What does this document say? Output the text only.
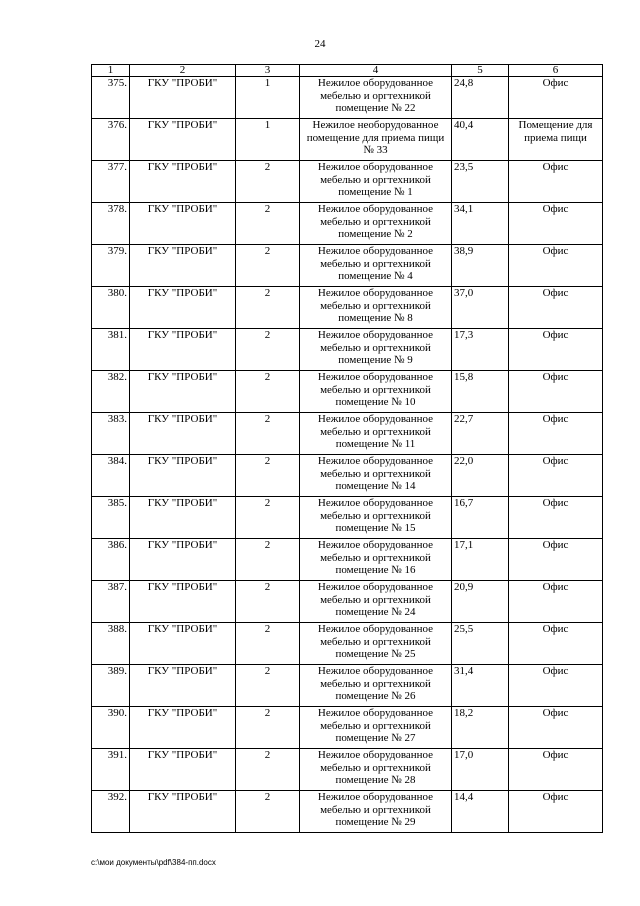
24
1	2	3	4	5	6
375.	ГКУ "ПРОБИ"	1	Нежилое оборудованное мебелью и оргтехникой помещение № 22	24,8	Офис
376.	ГКУ "ПРОБИ"	1	Нежилое необорудованное помещение для приема пищи № 33	40,4	Помещение для приема пищи
377.	ГКУ "ПРОБИ"	2	Нежилое оборудованное мебелью и оргтехникой помещение № 1	23,5	Офис
378.	ГКУ "ПРОБИ"	2	Нежилое оборудованное мебелью и оргтехникой помещение № 2	34,1	Офис
379.	ГКУ "ПРОБИ"	2	Нежилое оборудованное мебелью и оргтехникой помещение № 4	38,9	Офис
380.	ГКУ "ПРОБИ"	2	Нежилое оборудованное мебелью и оргтехникой помещение № 8	37,0	Офис
381.	ГКУ "ПРОБИ"	2	Нежилое оборудованное мебелью и оргтехникой помещение № 9	17,3	Офис
382.	ГКУ "ПРОБИ"	2	Нежилое оборудованное мебелью и оргтехникой помещение № 10	15,8	Офис
383.	ГКУ "ПРОБИ"	2	Нежилое оборудованное мебелью и оргтехникой помещение № 11	22,7	Офис
384.	ГКУ "ПРОБИ"	2	Нежилое оборудованное мебелью и оргтехникой помещение № 14	22,0	Офис
385.	ГКУ "ПРОБИ"	2	Нежилое оборудованное мебелью и оргтехникой помещение № 15	16,7	Офис
386.	ГКУ "ПРОБИ"	2	Нежилое оборудованное мебелью и оргтехникой помещение № 16	17,1	Офис
387.	ГКУ "ПРОБИ"	2	Нежилое оборудованное мебелью и оргтехникой помещение № 24	20,9	Офис
388.	ГКУ "ПРОБИ"	2	Нежилое оборудованное мебелью и оргтехникой помещение № 25	25,5	Офис
389.	ГКУ "ПРОБИ"	2	Нежилое оборудованное мебелью и оргтехникой помещение № 26	31,4	Офис
390.	ГКУ "ПРОБИ"	2	Нежилое оборудованное мебелью и оргтехникой помещение № 27	18,2	Офис
391.	ГКУ "ПРОБИ"	2	Нежилое оборудованное мебелью и оргтехникой помещение № 28	17,0	Офис
392.	ГКУ "ПРОБИ"	2	Нежилое оборудованное мебелью и оргтехникой помещение № 29	14,4	Офис
c:\мои документы\pdf\384-пп.docx
